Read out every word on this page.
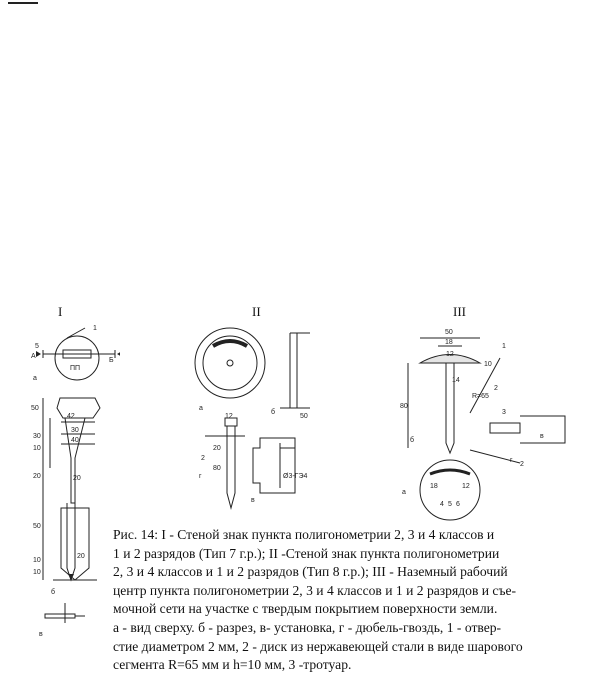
I	II	III
5
1
А
Б
ПП
а
42
50
30
40
20
30
10
20
50
10
10
20
б
в
а
б
12	50
20
80
Ø3-ГЭ4
2
г
в
50
18
12
10
R=65
80
14
1
2
3
2
б
в
г
а
18	12
4 5 6

Рис. 14: I - Стеной знак пункта полигонометрии 2, 3 и 4 классов и

1 и 2 разрядов (Тип 7 г.р.); II -Стеной знак пункта полигонометрии

2, 3 и 4 классов и 1 и 2 разрядов (Тип 8 г.р.); III - Наземный рабочий

центр пункта полигонометрии 2, 3 и 4 классов и 1 и 2 разрядов и съе-

мочной сети на участке с твердым покрытием поверхности земли.

а - вид сверху. б - разрез, в- установка, г - дюбель-гвоздь, 1 - отвер-

стие диаметром 2 мм, 2 - диск из нержавеющей стали в виде шарового

сегмента R=65 мм и h=10 мм, 3 -тротуар.
